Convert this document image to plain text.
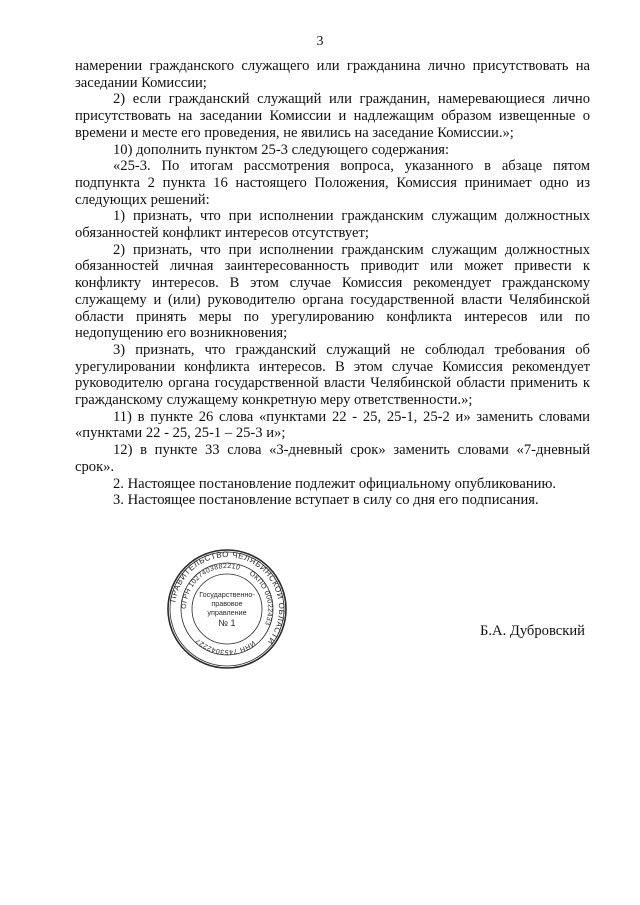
3

намерении гражданского служащего или гражданина лично присутствовать на заседании Комиссии;

2) если гражданский служащий или гражданин, намеревающиеся лично присутствовать на заседании Комиссии и надлежащим образом извещенные о времени и месте его проведения, не явились на заседание Комиссии.»;

10) дополнить пунктом 25-3 следующего содержания:

«25-3. По итогам рассмотрения вопроса, указанного в абзаце пятом подпункта 2 пункта 16 настоящего Положения, Комиссия принимает одно из следующих решений:

1) признать, что при исполнении гражданским служащим должностных обязанностей конфликт интересов отсутствует;

2) признать, что при исполнении гражданским служащим должностных обязанностей личная заинтересованность приводит или может привести к конфликту интересов. В этом случае Комиссия рекомендует гражданскому служащему и (или) руководителю органа государственной власти Челябинской области принять меры по урегулированию конфликта интересов или по недопущению его возникновения;

3) признать, что гражданский служащий не соблюдал требования об урегулировании конфликта интересов. В этом случае Комиссия рекомендует руководителю органа государственной власти Челябинской области применить к гражданскому служащему конкретную меру ответственности.»;

11) в пункте 26 слова «пунктами 22 - 25, 25-1, 25-2 и» заменить словами «пунктами 22 - 25, 25-1 – 25-3 и»;

12) в пункте 33 слова «3-дневный срок» заменить словами «7-дневный срок».

2. Настоящее постановление подлежит официальному опубликованию.

3. Настоящее постановление вступает в силу со дня его подписания.

ПРАВИТЕЛЬСТВО ЧЕЛЯБИНСКОЙ ОБЛАСТИ
ОГРН 1027403882210
ОКПО 00022433
ИНН 7453042227
Государственно-
правовое
управление
№ 1	Б.А. Дубровский
